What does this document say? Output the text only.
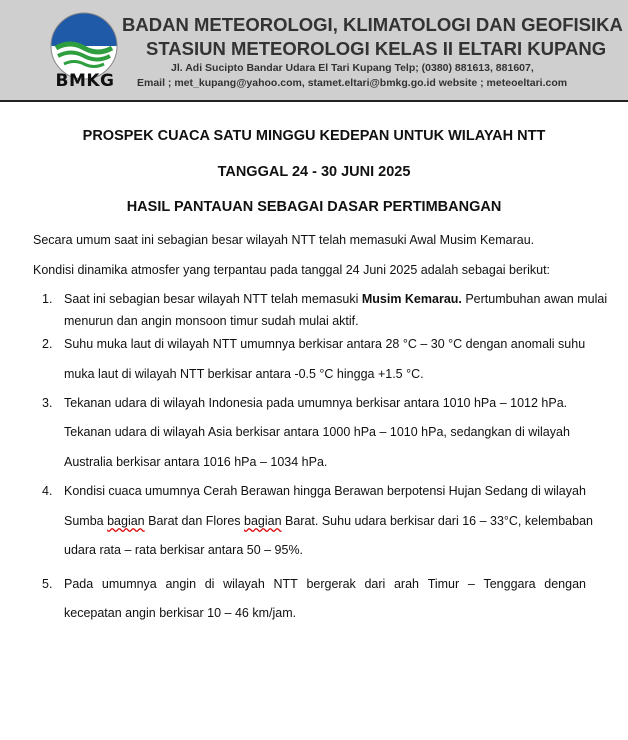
BMKG
BADAN METEOROLOGI, KLIMATOLOGI DAN GEOFISIKA
STASIUN METEOROLOGI KELAS II ELTARI KUPANG
Jl. Adi Sucipto Bandar Udara El Tari Kupang Telp; (0380) 881613, 881607,
Email ; met_kupang@yahoo.com, stamet.eltari@bmkg.go.id website ; meteoeltari.com
PROSPEK CUACA SATU MINGGU KEDEPAN UNTUK WILAYAH NTT
TANGGAL 24 - 30 JUNI 2025
HASIL PANTAUAN SEBAGAI DASAR PERTIMBANGAN
Secara umum saat ini sebagian besar wilayah NTT telah memasuki Awal Musim Kemarau.
Kondisi dinamika atmosfer yang terpantau pada tanggal 24 Juni 2025 adalah sebagai berikut:
1. Saat ini sebagian besar wilayah NTT telah memasuki Musim Kemarau. Pertumbuhan awan mulai
menurun dan angin monsoon timur sudah mulai aktif.
2. Suhu muka laut di wilayah NTT umumnya berkisar antara 28 °C – 30 °C dengan anomali suhu
muka laut di wilayah NTT berkisar antara -0.5 °C hingga +1.5 °C.
3. Tekanan udara di wilayah Indonesia pada umumnya berkisar antara 1010 hPa – 1012 hPa.
Tekanan udara di wilayah Asia berkisar antara 1000 hPa – 1010 hPa, sedangkan di wilayah
Australia berkisar antara 1016 hPa – 1034 hPa.
4. Kondisi cuaca umumnya Cerah Berawan hingga Berawan berpotensi Hujan Sedang di wilayah
Sumba bagian Barat dan Flores bagian Barat. Suhu udara berkisar dari 16 – 33°C, kelembaban
udara rata – rata berkisar antara 50 – 95%.
5. Pada umumnya angin di wilayah NTT bergerak dari arah Timur – Tenggara dengan
kecepatan angin berkisar 10 – 46 km/jam.
